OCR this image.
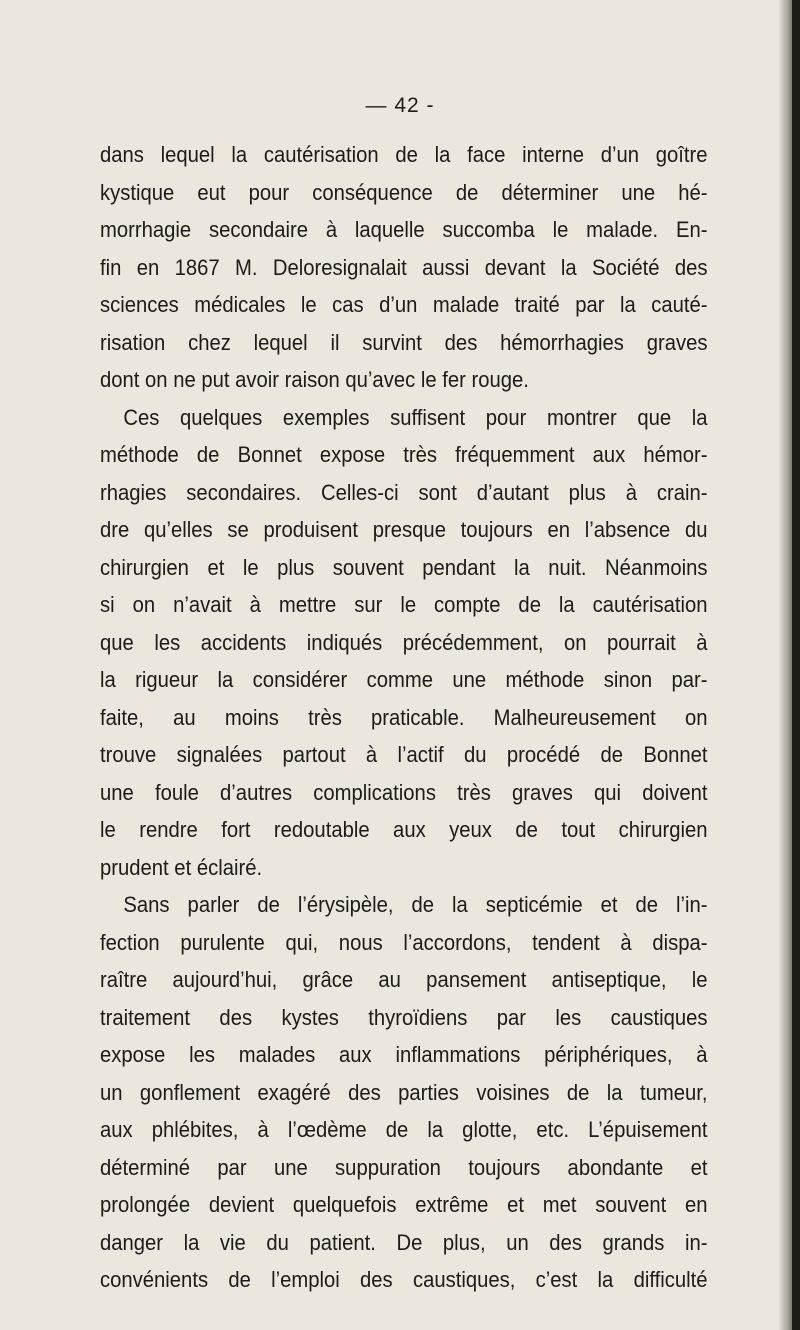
— 42 -
dans lequel la cautérisation de la face interne d’un goître
kystique eut pour conséquence de déterminer une hé-
morrhagie secondaire à laquelle succomba le malade. En-
fin en 1867 M. Deloresignalait aussi devant la Société des
sciences médicales le cas d’un malade traité par la cauté-
risation chez lequel il survint des hémorrhagies graves
dont on ne put avoir raison qu’avec le fer rouge.
Ces quelques exemples suffisent pour montrer que la
méthode de Bonnet expose très fréquemment aux hémor-
rhagies secondaires. Celles-ci sont d’autant plus à crain-
dre qu’elles se produisent presque toujours en l’absence du
chirurgien et le plus souvent pendant la nuit. Néanmoins
si on n’avait à mettre sur le compte de la cautérisation
que les accidents indiqués précédemment, on pourrait à
la rigueur la considérer comme une méthode sinon par-
faite, au moins très praticable. Malheureusement on
trouve signalées partout à l’actif du procédé de Bonnet
une foule d’autres complications très graves qui doivent
le rendre fort redoutable aux yeux de tout chirurgien
prudent et éclairé.
Sans parler de l’érysipèle, de la septicémie et de l’in-
fection purulente qui, nous l’accordons, tendent à dispa-
raître aujourd’hui, grâce au pansement antiseptique, le
traitement des kystes thyroïdiens par les caustiques
expose les malades aux inflammations périphériques, à
un gonflement exagéré des parties voisines de la tumeur,
aux phlébites, à l’œdème de la glotte, etc. L’épuisement
déterminé par une suppuration toujours abondante et
prolongée devient quelquefois extrême et met souvent en
danger la vie du patient. De plus, un des grands in-
convénients de l’emploi des caustiques, c’est la difficulté
